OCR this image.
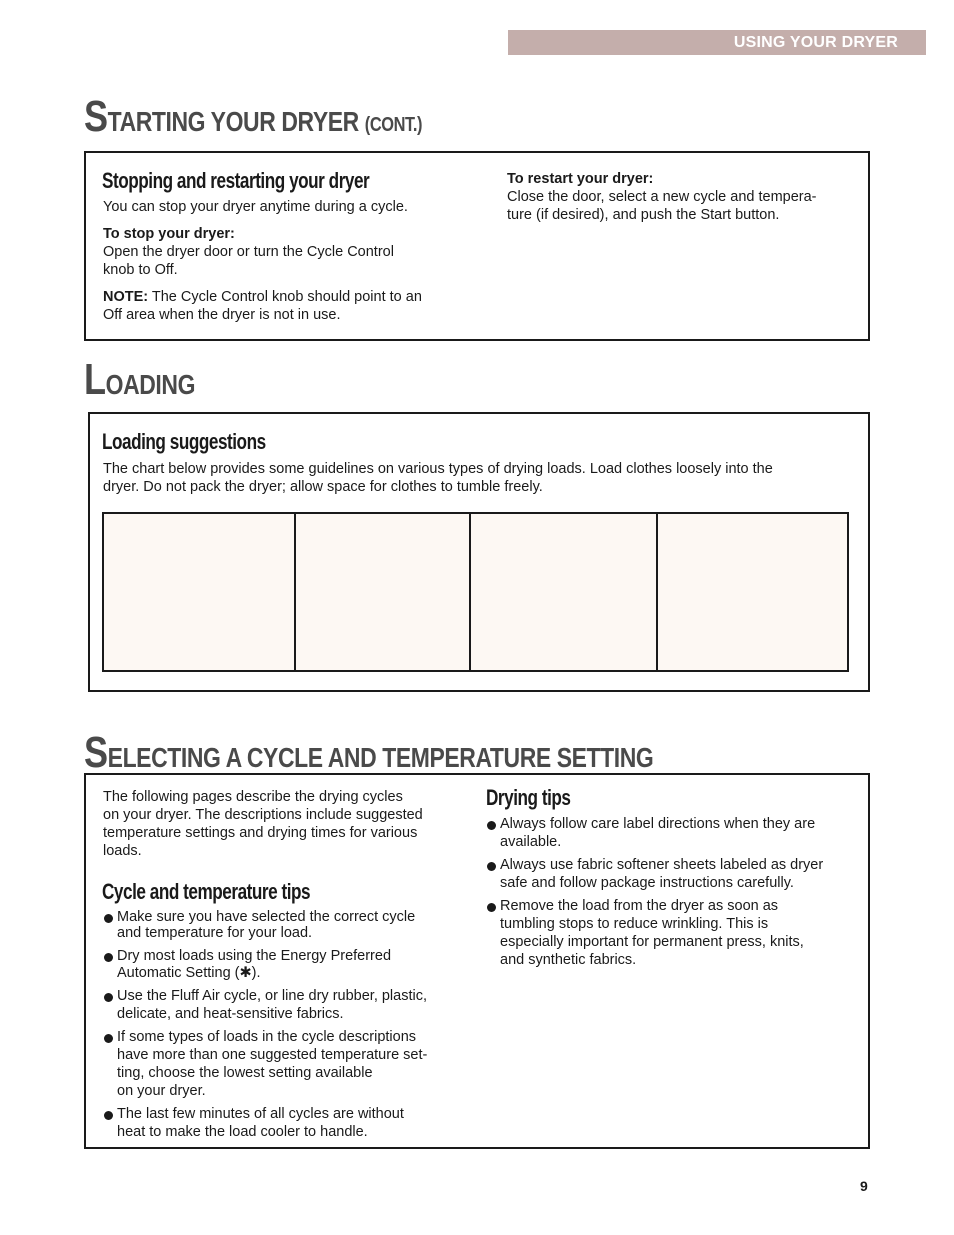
USING YOUR DRYER
STARTING YOUR DRYER (CONT.)
Stopping and restarting your dryer

You can stop your dryer anytime during a cycle.

To stop your dryer:

Open the dryer door or turn the Cycle Control

knob to Off.

NOTE: The Cycle Control knob should point to an

Off area when the dryer is not in use.

To restart your dryer:

Close the door, select a new cycle and tempera-

ture (if desired), and push the Start button.

LOADING
Loading suggestions

The chart below provides some guidelines on various types of drying loads. Load clothes loosely into the

dryer. Do not pack the dryer; allow space for clothes to tumble freely.

SELECTING A CYCLE AND TEMPERATURE SETTING

The following pages describe the drying cycles

on your dryer. The descriptions include suggested

temperature settings and drying times for various

loads.

Cycle and temperature tips
Make sure you have selected the correct cycle
and temperature for your load.
Dry most loads using the Energy Preferred
Automatic Setting (✱).
Use the Fluff Air cycle, or line dry rubber, plastic,
delicate, and heat-sensitive fabrics.
If some types of loads in the cycle descriptions
have more than one suggested temperature set-
ting, choose the lowest setting available
on your dryer.
The last few minutes of all cycles are without
heat to make the load cooler to handle.
Drying tips
Always follow care label directions when they are
available.
Always use fabric softener sheets labeled as dryer
safe and follow package instructions carefully.
Remove the load from the dryer as soon as
tumbling stops to reduce wrinkling. This is
especially important for permanent press, knits,
and synthetic fabrics.
9
